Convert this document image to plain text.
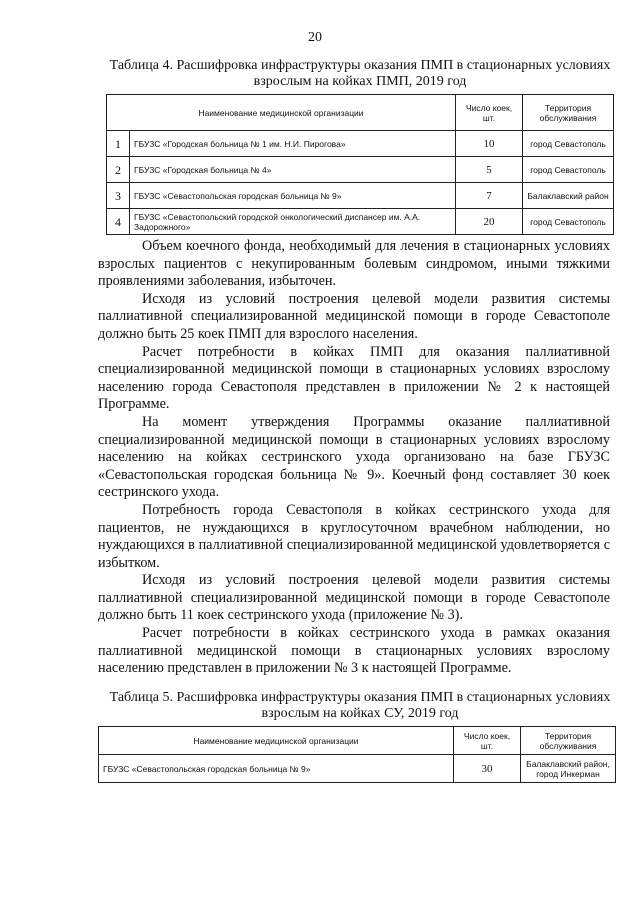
20
Таблица 4. Расшифровка инфраструктуры оказания ПМП в стационарных условиях взрослым на койках ПМП, 2019 год
Наименование медицинской организации		Число коек, шт.	Территория обслуживания
1	ГБУЗС «Городская больница № 1 им. Н.И. Пирогова»	10	город Севастополь
2	ГБУЗС «Городская больница № 4»	5	город Севастополь
3	ГБУЗС «Севастопольская городская больница № 9»	7	Балаклавский район
4	ГБУЗС «Севастопольский городской онкологический диспансер им. А.А. Задорожного»	20	город Севастополь

Объем коечного фонда, необходимый для лечения в стационарных условиях взрослых пациентов с некупированным болевым синдромом, иными тяжкими проявлениями заболевания, избыточен.

Исходя из условий построения целевой модели развития системы паллиативной специализированной медицинской помощи в городе Севастополе должно быть 25 коек ПМП для взрослого населения.

Расчет потребности в койках ПМП для оказания паллиативной специализированной медицинской помощи в стационарных условиях взрослому населению города Севастополя представлен в приложении № 2 к настоящей Программе.

На момент утверждения Программы оказание паллиативной специализированной медицинской помощи в стационарных условиях взрослому населению на койках сестринского ухода организовано на базе ГБУЗС «Севастопольская городская больница № 9». Коечный фонд составляет 30 коек сестринского ухода.

Потребность города Севастополя в койках сестринского ухода для пациентов, не нуждающихся в круглосуточном врачебном наблюдении, но нуждающихся в паллиативной специализированной медицинской удовлетворяется с избытком.

Исходя из условий построения целевой модели развития системы паллиативной специализированной медицинской помощи в городе Севастополе должно быть 11 коек сестринского ухода (приложение № 3).

Расчет потребности в койках сестринского ухода в рамках оказания паллиативной медицинской помощи в стационарных условиях взрослому населению представлен в приложении № 3 к настоящей Программе.

Таблица 5. Расшифровка инфраструктуры оказания ПМП в стационарных условиях взрослым на койках СУ, 2019 год
Наименование медицинской организации	Число коек, шт.	Территория обслуживания
ГБУЗС «Севастопольская городская больница № 9»	30	Балаклавский район, город Инкерман
